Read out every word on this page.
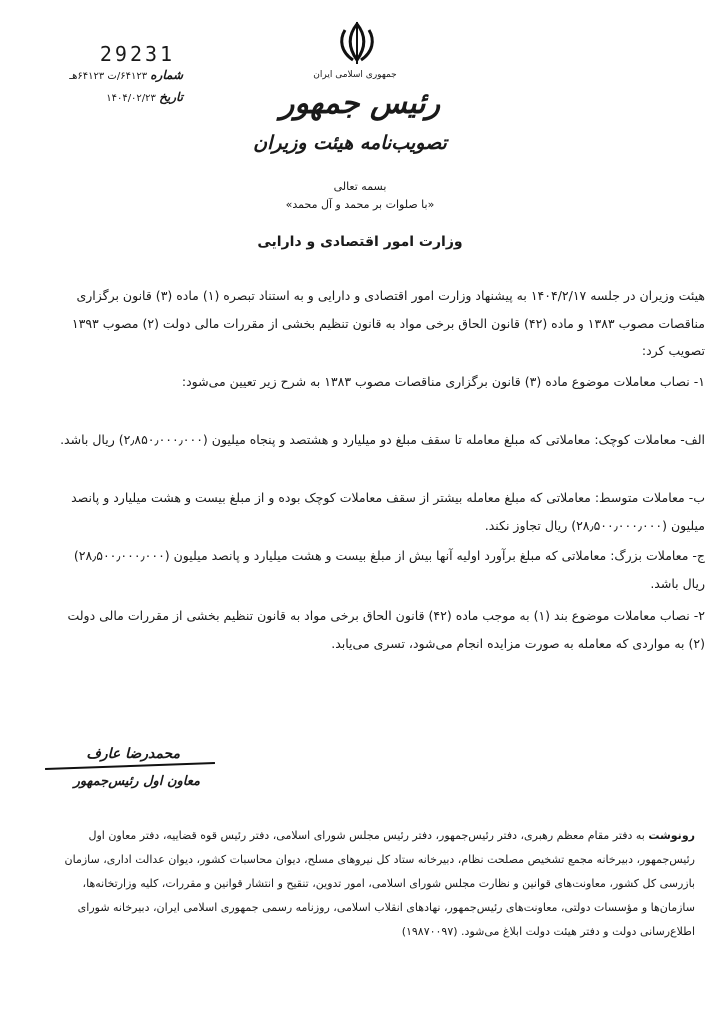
جمهوری اسلامی ایران
رئیس جمهور
تصویب‌نامه هیئت وزیران
29231
شماره ۶۴۱۲۳/ت ۶۴۱۲۳هـ
تاریخ ۱۴۰۴/۰۲/۲۳
بسمه تعالی
«با صلوات بر محمد و آل محمد»
وزارت امور اقتصادی و دارایی
هیئت وزیران در جلسه ۱۴۰۴/۲/۱۷ به پیشنهاد وزارت امور اقتصادی و دارایی و به استناد تبصره (۱) ماده (۳) قانون برگزاری مناقصات مصوب ۱۳۸۳ و ماده (۴۲) قانون الحاق برخی مواد به قانون تنظیم بخشی از مقررات مالی دولت (۲) مصوب ۱۳۹۳ تصویب کرد:
۱- نصاب معاملات موضوع ماده (۳) قانون برگزاری مناقصات مصوب ۱۳۸۳ به شرح زیر تعیین می‌شود:
الف- معاملات کوچک: معاملاتی که مبلغ معامله تا سقف مبلغ دو میلیارد و هشتصد و پنجاه میلیون (۲٫۸۵۰٫۰۰۰٫۰۰۰) ریال باشد.
ب- معاملات متوسط: معاملاتی که مبلغ معامله بیشتر از سقف معاملات کوچک بوده و از مبلغ بیست و هشت میلیارد و پانصد میلیون (۲۸٫۵۰۰٫۰۰۰٫۰۰۰) ریال تجاوز نکند.
ج- معاملات بزرگ: معاملاتی که مبلغ برآورد اولیه آنها بیش از مبلغ بیست و هشت میلیارد و پانصد میلیون (۲۸٫۵۰۰٫۰۰۰٫۰۰۰) ریال باشد.
۲- نصاب معاملات موضوع بند (۱) به موجب ماده (۴۲) قانون الحاق برخی مواد به قانون تنظیم بخشی از مقررات مالی دولت (۲) به مواردی که معامله به صورت مزایده انجام می‌شود، تسری می‌یابد.
محمدرضا عارف
معاون اول رئیس‌جمهور
رونوشت به دفتر مقام معظم رهبری، دفتر رئیس‌جمهور، دفتر رئیس مجلس شورای اسلامی، دفتر رئیس قوه قضاییه، دفتر معاون اول رئیس‌جمهور، دبیرخانه مجمع تشخیص مصلحت نظام، دبیرخانه ستاد کل نیروهای مسلح، دیوان محاسبات کشور، دیوان عدالت اداری، سازمان بازرسی کل کشور، معاونت‌های قوانین و نظارت مجلس شورای اسلامی، امور تدوین، تنقیح و انتشار قوانین و مقررات، کلیه وزارتخانه‌ها، سازمان‌ها و مؤسسات دولتی، معاونت‌های رئیس‌جمهور، نهادهای انقلاب اسلامی، روزنامه رسمی جمهوری اسلامی ایران، دبیرخانه شورای اطلاع‌رسانی دولت و دفتر هیئت دولت ابلاغ می‌شود. (۱۹۸۷۰۰۹۷)
